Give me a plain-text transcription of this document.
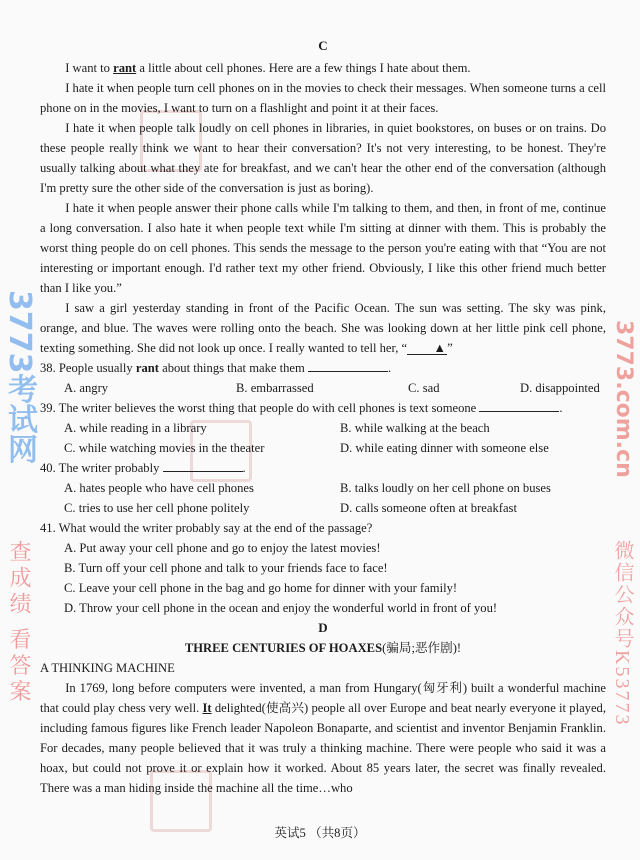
C

I want to rant a little about cell phones. Here are a few things I hate about them.

I hate it when people turn cell phones on in the movies to check their messages. When someone turns a cell phone on in the movies, I want to turn on a flashlight and point it at their faces.

I hate it when people talk loudly on cell phones in libraries, in quiet bookstores, on buses or on trains. Do these people really think we want to hear their conversation? It's not very interesting, to be honest. They're usually talking about what they ate for breakfast, and we can't hear the other end of the conversation (although I'm pretty sure the other side of the conversation is just as boring).

I hate it when people answer their phone calls while I'm talking to them, and then, in front of me, continue a long conversation. I also hate it when people text while I'm sitting at dinner with them. This is probably the worst thing people do on cell phones. This sends the message to the person you're eating with that “You are not interesting or important enough. I'd rather text my other friend. Obviously, I like this other friend much better than I like you.”

I saw a girl yesterday standing in front of the Pacific Ocean. The sun was setting. The sky was pink, orange, and blue. The waves were rolling onto the beach. She was looking down at her little pink cell phone, texting something. She did not look up once. I really wanted to tell her, “ ▲”

38. People usually rant about things that make them	.
A. angry	B. embarrassed	C. sad	D. disappointed
39. The writer believes the worst thing that people do with cell phones is text someone	.
A. while reading in a library	B. while walking at the beach
C. while watching movies in the theater	D. while eating dinner with someone else
40. The writer probably	.
A. hates people who have cell phones	B. talks loudly on her cell phone on buses
C. tries to use her cell phone politely	D. calls someone often at breakfast
41. What would the writer probably say at the end of the passage?
A. Put away your cell phone and go to enjoy the latest movies!
B. Turn off your cell phone and talk to your friends face to face!
C. Leave your cell phone in the bag and go home for dinner with your family!
D. Throw your cell phone in the ocean and enjoy the wonderful world in front of you!
D
THREE CENTURIES OF HOAXES(骗局;恶作剧)!
A THINKING MACHINE

In 1769, long before computers were invented, a man from Hungary(匈牙利) built a wonderful machine that could play chess very well. It delighted(使高兴) people all over Europe and beat nearly everyone it played, including famous figures like French leader Napoleon Bonaparte, and scientist and inventor Benjamin Franklin. For decades, many people believed that it was truly a thinking machine. There were people who said it was a hoax, but could not prove it or explain how it worked. About 85 years later, the secret was finally revealed. There was a man hiding inside the machine all the time…who

英试5 （共8页）
3773考试网	3773.com.cn
查成绩 看答案	微信公众号K53773
